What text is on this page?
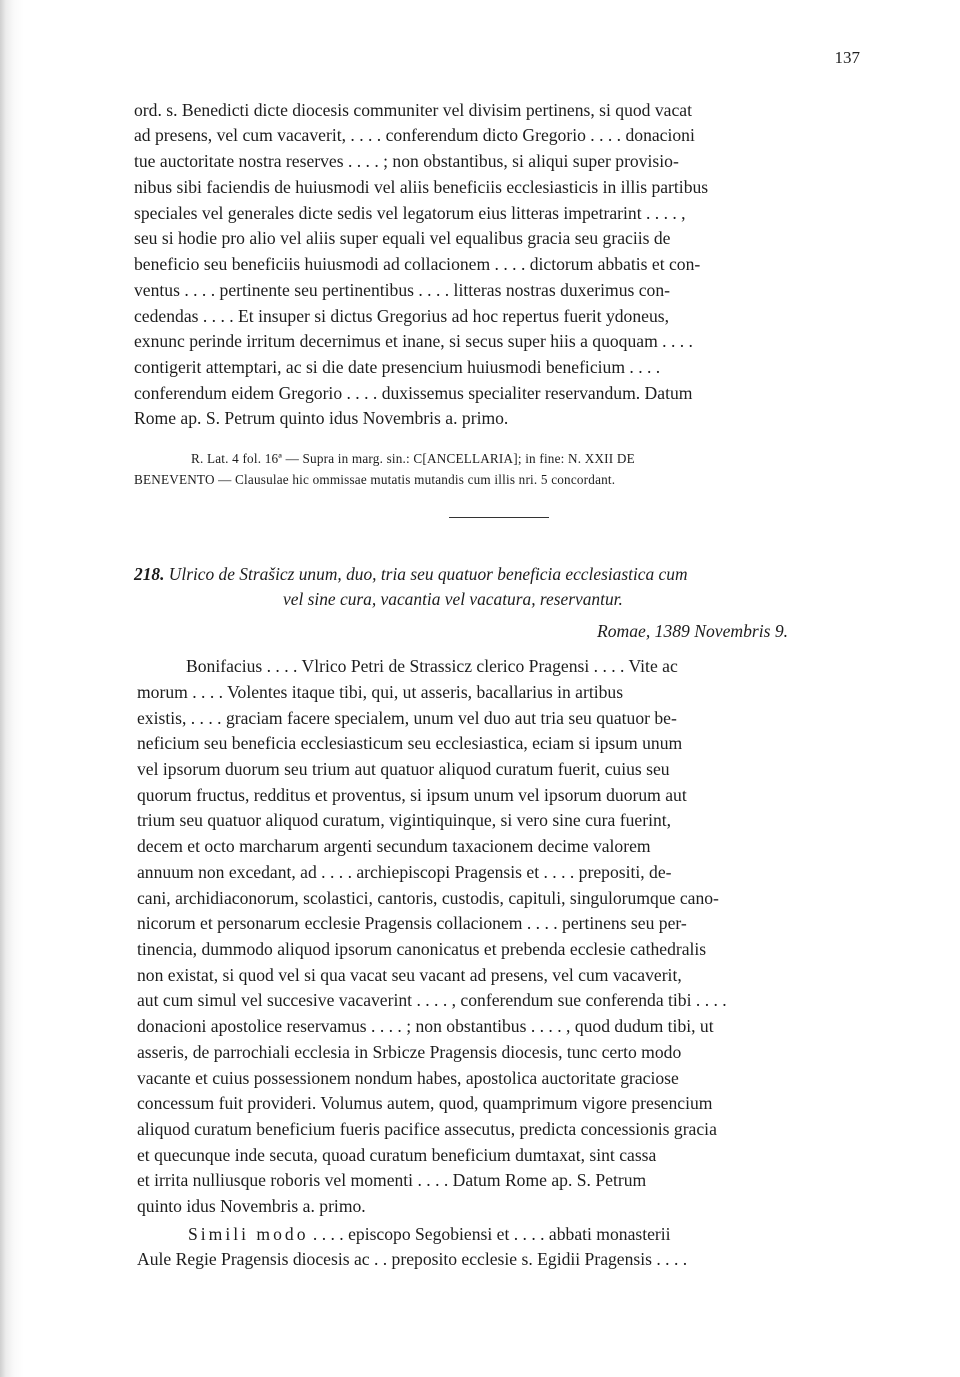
137
ord. s. Benedicti dicte diocesis communiter vel divisim pertinens, si quod vacat
ad presens, vel cum vacaverit, . . . . conferendum dicto Gregorio . . . . donacioni
tue auctoritate nostra reserves . . . . ; non obstantibus, si aliqui super provisio-
nibus sibi faciendis de huiusmodi vel aliis beneficiis ecclesiasticis in illis partibus
speciales vel generales dicte sedis vel legatorum eius litteras impetrarint . . . . ,
seu si hodie pro alio vel aliis super equali vel equalibus gracia seu graciis de
beneficio seu beneficiis huiusmodi ad collacionem . . . . dictorum abbatis et con-
ventus . . . . pertinente seu pertinentibus . . . . litteras nostras duxerimus con-
cedendas . . . . Et insuper si dictus Gregorius ad hoc repertus fuerit ydoneus,
exnunc perinde irritum decernimus et inane, si secus super hiis a quoquam . . . .
contigerit attemptari, ac si die date presencium huiusmodi beneficium . . . .
conferendum eidem Gregorio . . . . duxissemus specialiter reservandum. Datum
Rome ap. S. Petrum quinto idus Novembris a. primo.
R. Lat. 4 fol. 16ª — Supra in marg. sin.: C[ANCELLARIA]; in fine: N. XXII DE
BENEVENTO — Clausulae hic ommissae mutatis mutandis cum illis nri. 5 concordant.
218. Ulrico de Strašicz unum, duo, tria seu quatuor beneficia ecclesiastica cum
vel sine cura, vacantia vel vacatura, reservantur.
Romae, 1389 Novembris 9.
Bonifacius . . . . Vlrico Petri de Strassicz clerico Pragensi . . . . Vite ac
morum . . . . Volentes itaque tibi, qui, ut asseris, bacallarius in artibus
existis, . . . . graciam facere specialem, unum vel duo aut tria seu quatuor be-
neficium seu beneficia ecclesiasticum seu ecclesiastica, eciam si ipsum unum
vel ipsorum duorum seu trium aut quatuor aliquod curatum fuerit, cuius seu
quorum fructus, redditus et proventus, si ipsum unum vel ipsorum duorum aut
trium seu quatuor aliquod curatum, vigintiquinque, si vero sine cura fuerint,
decem et octo marcharum argenti secundum taxacionem decime valorem
annuum non excedant, ad . . . . archiepiscopi Pragensis et . . . . prepositi, de-
cani, archidiaconorum, scolastici, cantoris, custodis, capituli, singulorumque cano-
nicorum et personarum ecclesie Pragensis collacionem . . . . pertinens seu per-
tinencia, dummodo aliquod ipsorum canonicatus et prebenda ecclesie cathedralis
non existat, si quod vel si qua vacat seu vacant ad presens, vel cum vacaverit,
aut cum simul vel succesive vacaverint . . . . , conferendum sue conferenda tibi . . . .
donacioni apostolice reservamus . . . . ; non obstantibus . . . . , quod dudum tibi, ut
asseris, de parrochiali ecclesia in Srbicze Pragensis diocesis, tunc certo modo
vacante et cuius possessionem nondum habes, apostolica auctoritate graciose
concessum fuit provideri. Volumus autem, quod, quamprimum vigore presencium
aliquod curatum beneficium fueris pacifice assecutus, predicta concessionis gracia
et quecunque inde secuta, quoad curatum beneficium dumtaxat, sint cassa
et irrita nulliusque roboris vel momenti . . . . Datum Rome ap. S. Petrum
quinto idus Novembris a. primo.
Simili modo . . . . episcopo Segobiensi et . . . . abbati monasterii
Aule Regie Pragensis diocesis ac . . preposito ecclesie s. Egidii Pragensis . . . .
